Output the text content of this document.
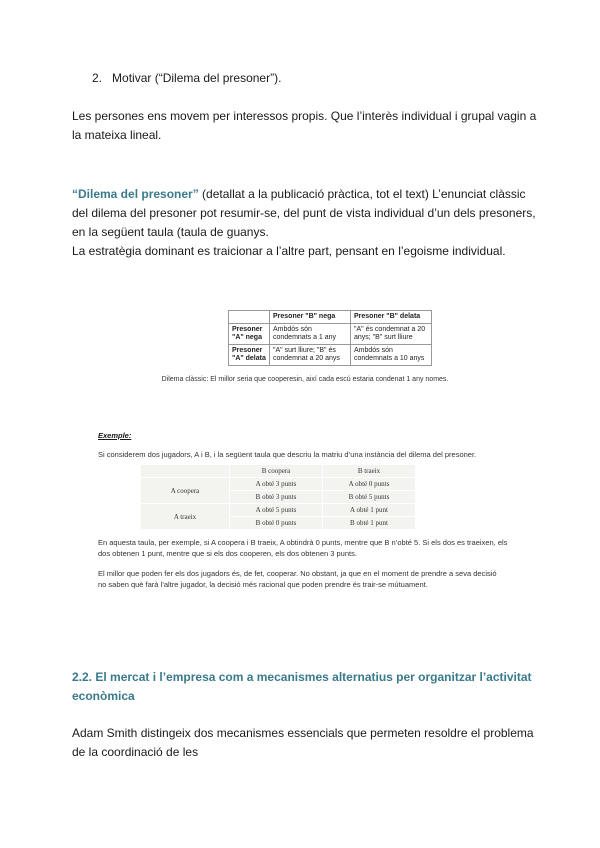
2. Motivar (“Dilema del presoner”).
Les persones ens movem per interessos propis. Que l’interès individual i grupal vagin a la mateixa lineal.
“Dilema del presoner” (detallat a la publicació pràctica, tot el text) L’enunciat clàssic del dilema del presoner pot resumir-se, del punt de vista individual d’un dels presoners, en la següent taula (taula de guanys.
La estratègia dominant es traicionar a l’altre part, pensant en l’egoisme individual.
	Presoner "B" nega	Presoner "B" delata
Presoner "A" nega	Ambdós són condemnats a 1 any	"A" és condemnat a 20 anys; "B" surt lliure
Presoner "A" delata	"A" surt lliure; "B" és condemnat a 20 anys	Ambdós són condemnats a 10 anys
Dilema clàssic: El millor seria que cooperesin, així cada escú estaria condenat 1 any nomes.
Exemple:
Si considerem dos jugadors, A i B, i la següent taula que descriu la matriu d’una instància del dilema del presoner.
	B coopera	B traeix
A coopera	A obté 3 punts	A obté 0 punts
	B obté 3 punts	B obté 5 punts
A traeix	A obté 5 punts	A obté 1 punt
	B obté 0 punts	B obté 1 punt
En aquesta taula, per exemple, si A coopera i B traeix, A obtindrà 0 punts, mentre que B n’obté 5. Si els dos es traeixen, els dos obtenen 1 punt, mentre que si els dos cooperen, els dos obtenen 3 punts.
El millor que poden fer els dos jugadors és, de fet, cooperar. No obstant, ja que en el moment de prendre a seva decisió no saben què farà l’altre jugador, la decisió més racional que poden prendre és trair-se mútuament.
2.2. El mercat i l’empresa com a mecanismes alternatius per organitzar l’activitat econòmica
Adam Smith distingeix dos mecanismes essencials que permeten resoldre el problema de la coordinació de les
